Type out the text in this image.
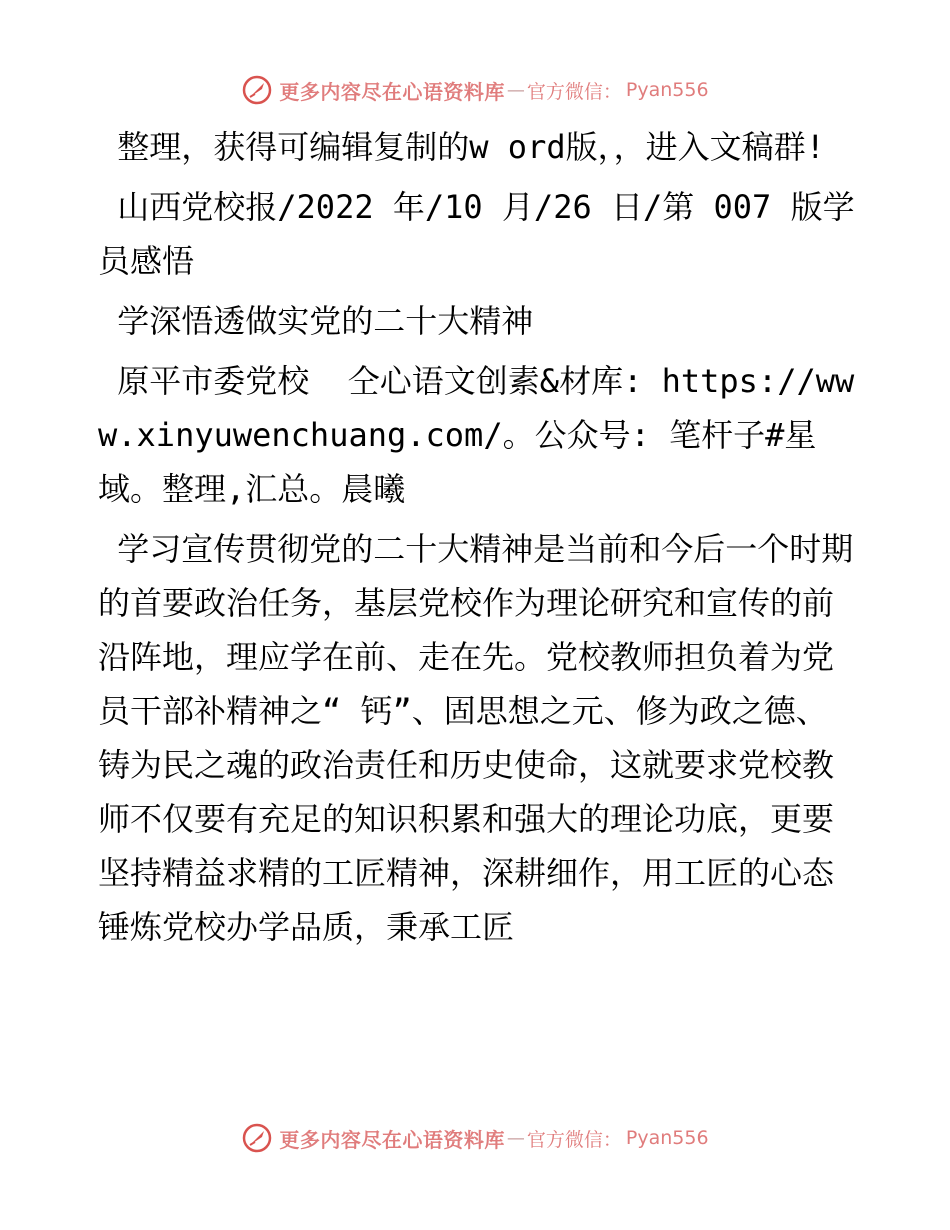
更多内容尽在心语资料库 — 官方微信： Pyan556

整理，获得可编辑复制的w ord版，，进入文稿群!

山西党校报/2022 年/10 月/26 日/第 007 版学员感悟

学深悟透做实党的二十大精神

原平市委党校  仝心语文创素&材库: https://www.xinyuwenchuang.com/。公众号: 笔杆子#星域。整理,汇总。晨曦

学习宣传贯彻党的二十大精神是当前和今后一个时期的首要政治任务，基层党校作为理论研究和宣传的前沿阵地，理应学在前、走在先。党校教师担负着为党员干部补精神之“ 钙”、固思想之元、修为政之德、铸为民之魂的政治责任和历史使命，这就要求党校教师不仅要有充足的知识积累和强大的理论功底，更要坚持精益求精的工匠精神，深耕细作，用工匠的心态锤炼党校办学品质，秉承工匠

更多内容尽在心语资料库 — 官方微信： Pyan556
